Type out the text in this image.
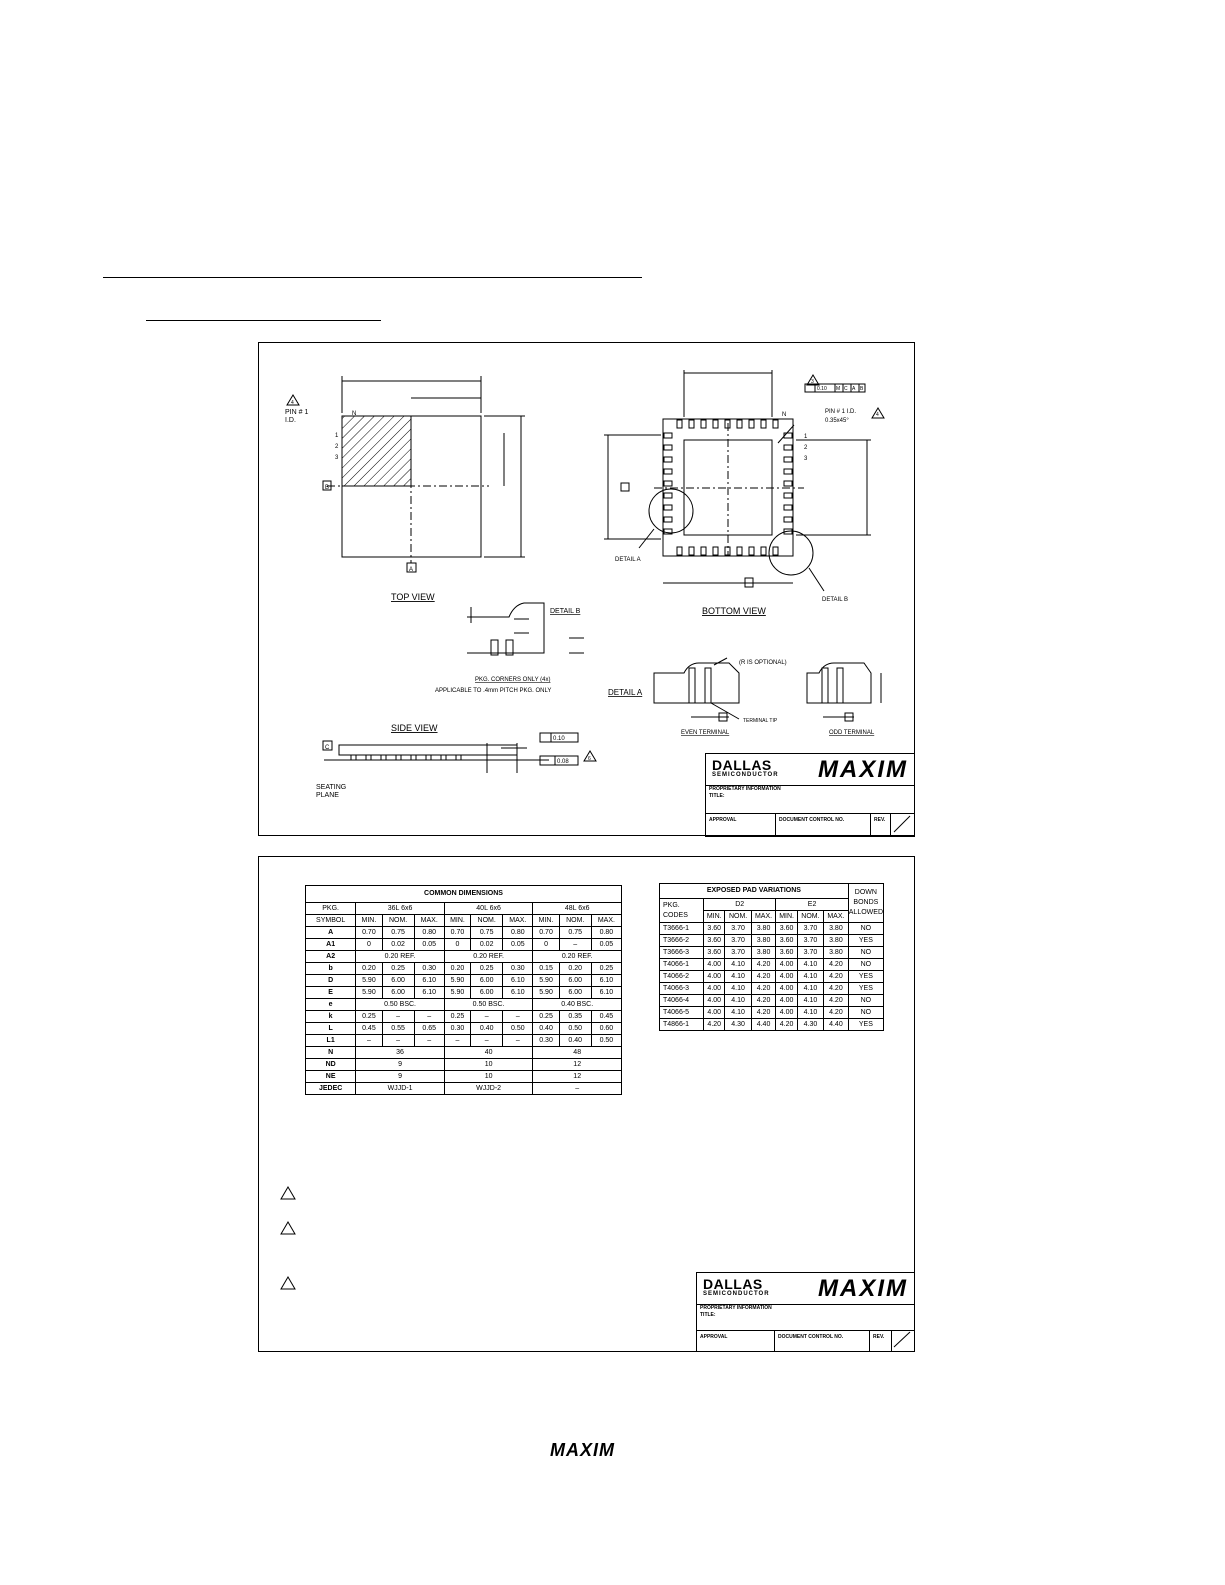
PIN # 1
I.D.
N
1
2
3
B
A
4
TOP VIEW
BOTTOM VIEW
SIDE VIEW
DETAIL B
DETAIL B
DETAIL A
DETAIL A
PKG. CORNERS ONLY (4x)
APPLICABLE TO .4mm PITCH PKG. ONLY
N
1
2
3
PIN # 1 I.D.
0.35x45°
4
3
0.10 M C A B
(R IS OPTIONAL)
TERMINAL TIP
EVEN TERMINAL	ODD TERMINAL
C
SEATING
PLANE
0.10
0.08	6	DALLAS
SEMICONDUCTOR MAXIM
PROPRIETARY INFORMATION
TITLE:
APPROVAL	DOCUMENT CONTROL NO.	REV.
COMMON DIMENSIONS									
PKG.	36L 6x6			40L 6x6			48L 6x6		
SYMBOL	MIN.	NOM.	MAX.	MIN.	NOM.	MAX.	MIN.	NOM.	MAX.
A	0.70	0.75	0.80	0.70	0.75	0.80	0.70	0.75	0.80
A1	0	0.02	0.05	0	0.02	0.05	0	–	0.05
A2	0.20 REF.			0.20 REF.			0.20 REF.		
b	0.20	0.25	0.30	0.20	0.25	0.30	0.15	0.20	0.25
D	5.90	6.00	6.10	5.90	6.00	6.10	5.90	6.00	6.10
E	5.90	6.00	6.10	5.90	6.00	6.10	5.90	6.00	6.10
e	0.50 BSC.			0.50 BSC.			0.40 BSC.		
k	0.25	–	–	0.25	–	–	0.25	0.35	0.45
L	0.45	0.55	0.65	0.30	0.40	0.50	0.40	0.50	0.60
L1	–	–	–	–	–	–	0.30	0.40	0.50
N	36			40			48		
ND	9			10			12		
NE	9			10			12		
JEDEC	WJJD-1			WJJD-2			–		
EXPOSED PAD VARIATIONS							DOWN BONDS ALLOWED
PKG. CODES	D2			E2			
	MIN.	NOM.	MAX.	MIN.	NOM.	MAX.	
T3666-1	3.60	3.70	3.80	3.60	3.70	3.80	NO
T3666-2	3.60	3.70	3.80	3.60	3.70	3.80	YES
T3666-3	3.60	3.70	3.80	3.60	3.70	3.80	NO
T4066-1	4.00	4.10	4.20	4.00	4.10	4.20	NO
T4066-2	4.00	4.10	4.20	4.00	4.10	4.20	YES
T4066-3	4.00	4.10	4.20	4.00	4.10	4.20	YES
T4066-4	4.00	4.10	4.20	4.00	4.10	4.20	NO
T4066-5	4.00	4.10	4.20	4.00	4.10	4.20	NO
T4866-1	4.20	4.30	4.40	4.20	4.30	4.40	YES
DALLAS
SEMICONDUCTOR MAXIM
PROPRIETARY INFORMATION
TITLE:
APPROVAL	DOCUMENT CONTROL NO.	REV.
MAXIM
